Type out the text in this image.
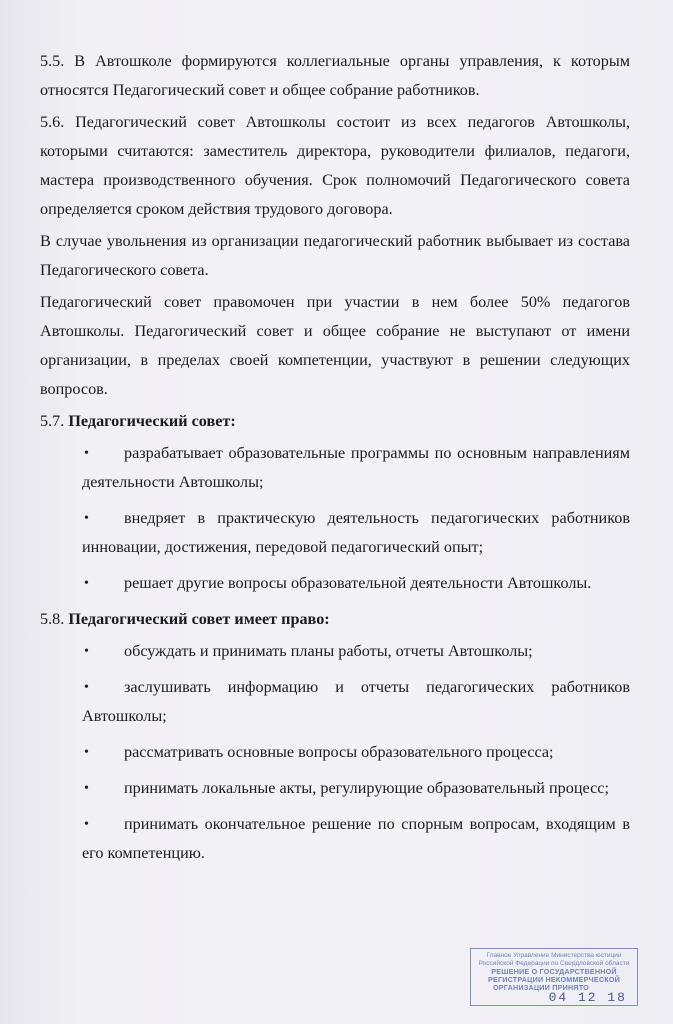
5.5. В Автошколе формируются коллегиальные органы управления, к которым относятся Педагогический совет и общее собрание работников.

5.6. Педагогический совет Автошколы состоит из всех педагогов Автошколы, которыми считаются: заместитель директора, руководители филиалов, педагоги, мастера производственного обучения. Срок полномочий Педагогического совета определяется сроком действия трудового договора.

В случае увольнения из организации педагогический работник выбывает из состава Педагогического совета.

Педагогический совет правомочен при участии в нем более 50% педагогов Автошколы. Педагогический совет и общее собрание не выступают от имени организации, в пределах своей компетенции, участвуют в решении следующих вопросов.

5.7. Педагогический совет:

•	разрабатывает образовательные программы по основным направлениям деятельности Автошколы;
•	внедряет в практическую деятельность педагогических работников инновации, достижения, передовой педагогический опыт;
•	решает другие вопросы образовательной деятельности Автошколы.

5.8. Педагогический совет имеет право:

•	обсуждать и принимать планы работы, отчеты Автошколы;
•	заслушивать информацию и отчеты педагогических работников Автошколы;
•	рассматривать основные вопросы образовательного процесса;
•	принимать локальные акты, регулирующие образовательный процесс;
•	принимать окончательное решение по спорным вопросам, входящим в его компетенцию.
Главное Управление Министерства юстиции
Российской Федерации по Свердловской области
РЕШЕНИЕ О ГОСУДАРСТВЕННОЙ
РЕГИСТРАЦИИ НЕКОММЕРЧЕСКОЙ
ОРГАНИЗАЦИИ ПРИНЯТО
04 12 18
